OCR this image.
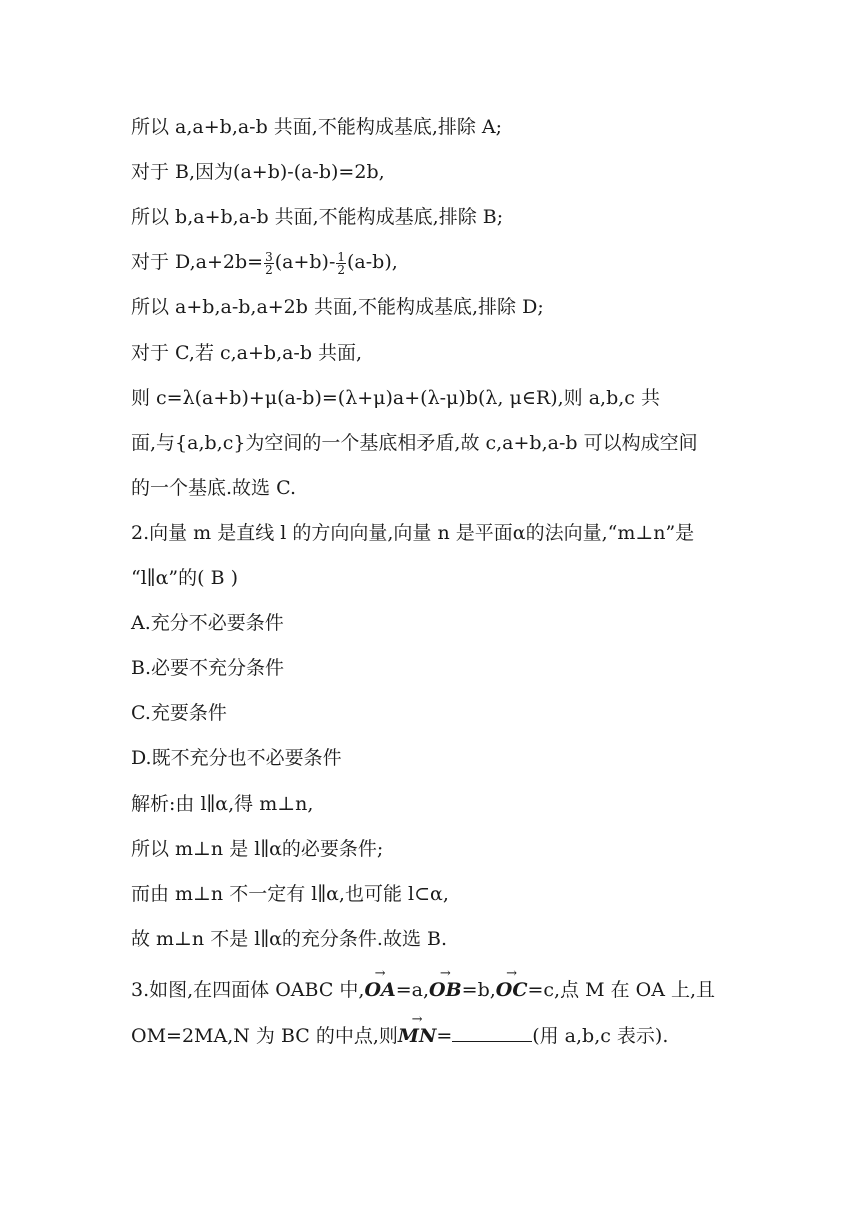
所以 a,a+b,a-b 共面,不能构成基底,排除 A;
对于 B,因为(a+b)-(a-b)=2b,
所以 b,a+b,a-b 共面,不能构成基底,排除 B;
对于 $D,a+2b= \frac{3}{2} (a+b)- \frac{1}{2} (a-b)$,
所以 a+b,a-b,a+2b 共面,不能构成基底,排除 D;
对于 C,若 c,a+b,a-b 共面,
则 c=λ(a+b)+μ(a-b)=(λ+μ)a+(λ-μ)b(λ, μ∈R),则 a,b,c 共
面,与{a,b,c}为空间的一个基底相矛盾,故 c,a+b,a-b 可以构成空间
的一个基底.故选 C.
2.向量 m 是直线 l 的方向向量,向量 n 是平面α的法向量,“m⊥n”是
“l∥α”的( B )
A.充分不必要条件
B.必要不充分条件
C.充要条件
D.既不充分也不必要条件
解析:由 l∥α,得 m⊥n,
所以 m⊥n 是 l∥α的必要条件;
而由 m⊥n 不一定有 l∥α,也可能 l⊂α,
故 m⊥n 不是 l∥α的充分条件.故选 B.
3.如图,在四面体 OABC 中,→ OA=a,→ OB=b,→ OC=c,点 M 在 OA 上,且
OM=2MA,N 为 BC 的中点,则→ MN=	(用 a,b,c 表示).
